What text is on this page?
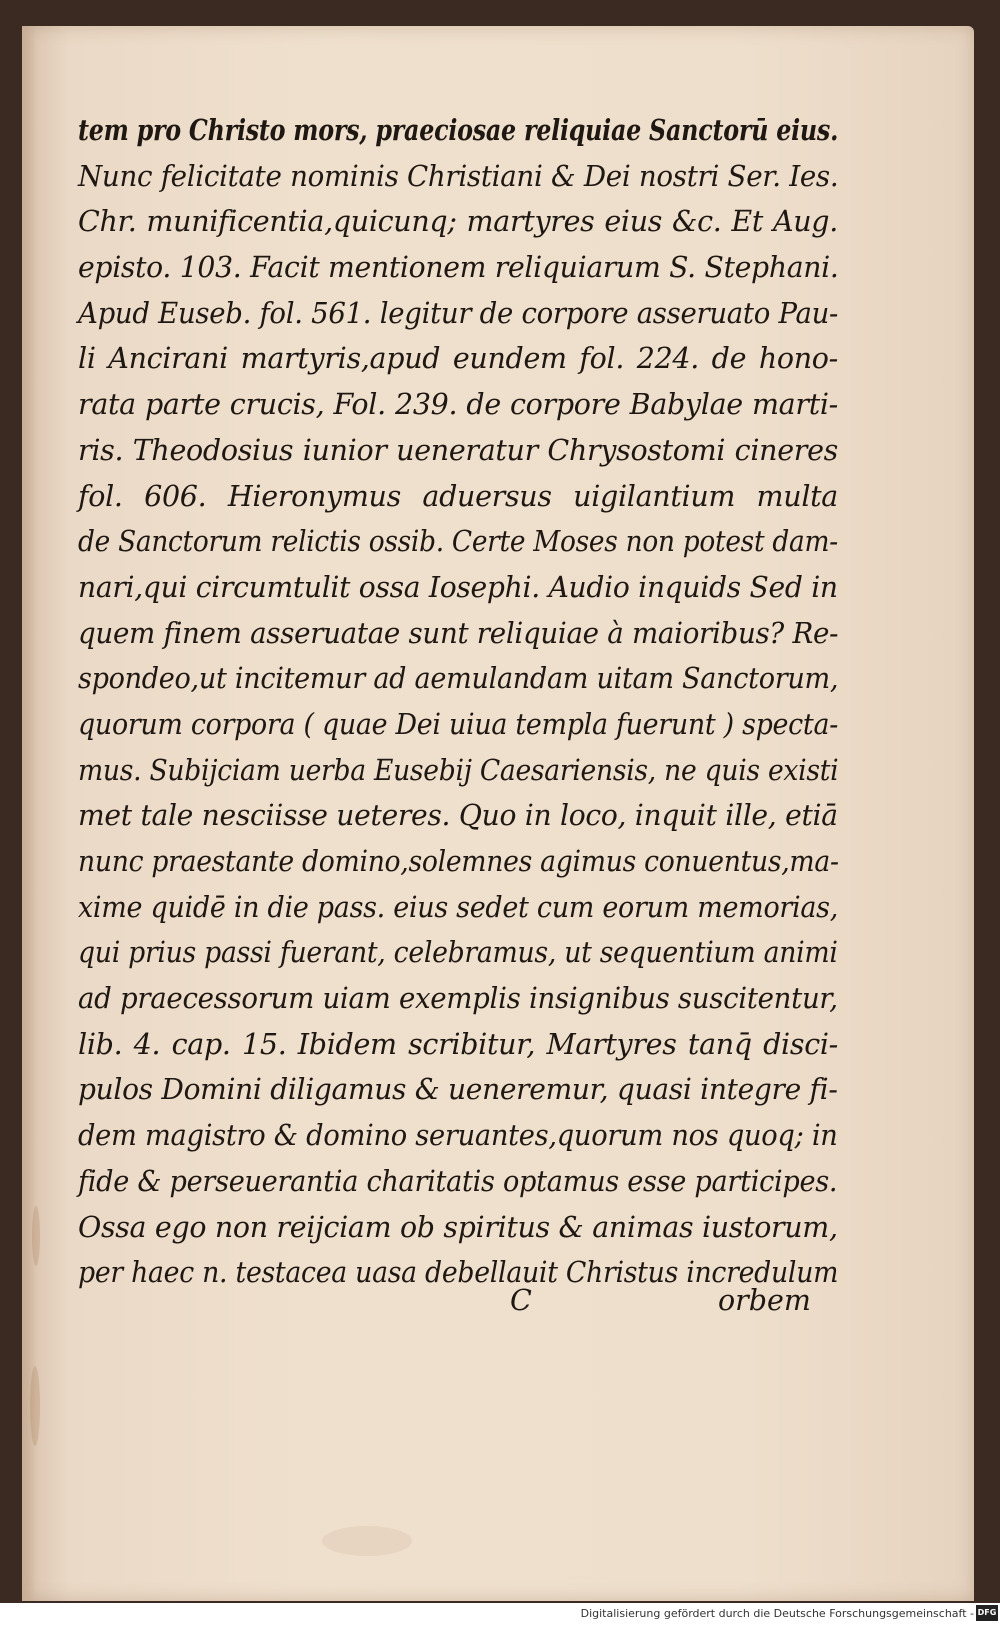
tem pro Christo mors, praeciosae reliquiae Sanctorū eius.
Nunc felicitate nominis Christiani & Dei nostri Ser. Ies.
Chr. munificentia,quicunq; martyres eius &c. Et Aug.
episto. 103. Facit mentionem reliquiarum S. Stephani.
Apud Euseb. fol. 561. legitur de corpore asseruato Pau-
li Ancirani martyris,apud eundem fol. 224. de hono-
rata parte crucis, Fol. 239. de corpore Babylae marti-
ris. Theodosius iunior ueneratur Chrysostomi cineres
fol. 606. Hieronymus aduersus uigilantium multa
de Sanctorum relictis ossib. Certe Moses non potest dam-
nari,qui circumtulit ossa Iosephi. Audio inquids Sed in
quem finem asseruatae sunt reliquiae à maioribus? Re-
spondeo,ut incitemur ad aemulandam uitam Sanctorum,
quorum corpora ( quae Dei uiua templa fuerunt ) specta-
mus. Subijciam uerba Eusebij Caesariensis, ne quis existi
met tale nesciisse ueteres. Quo in loco, inquit ille, etiā
nunc praestante domino,solemnes agimus conuentus,ma-
xime quidē in die pass. eius sedet cum eorum memorias,
qui prius passi fuerant, celebramus, ut sequentium animi
ad praecessorum uiam exemplis insignibus suscitentur,
lib. 4. cap. 15. Ibidem scribitur, Martyres tanq̄ disci-
pulos Domini diligamus & ueneremur, quasi integre fi-
dem magistro & domino seruantes,quorum nos quoq; in
fide & perseuerantia charitatis optamus esse participes.
Ossa ego non reijciam ob spiritus & animas iustorum,
per haec n. testacea uasa debellauit Christus incredulum
C	orbem
Digitalisierung gefördert durch die Deutsche Forschungsgemeinschaft - DFG
